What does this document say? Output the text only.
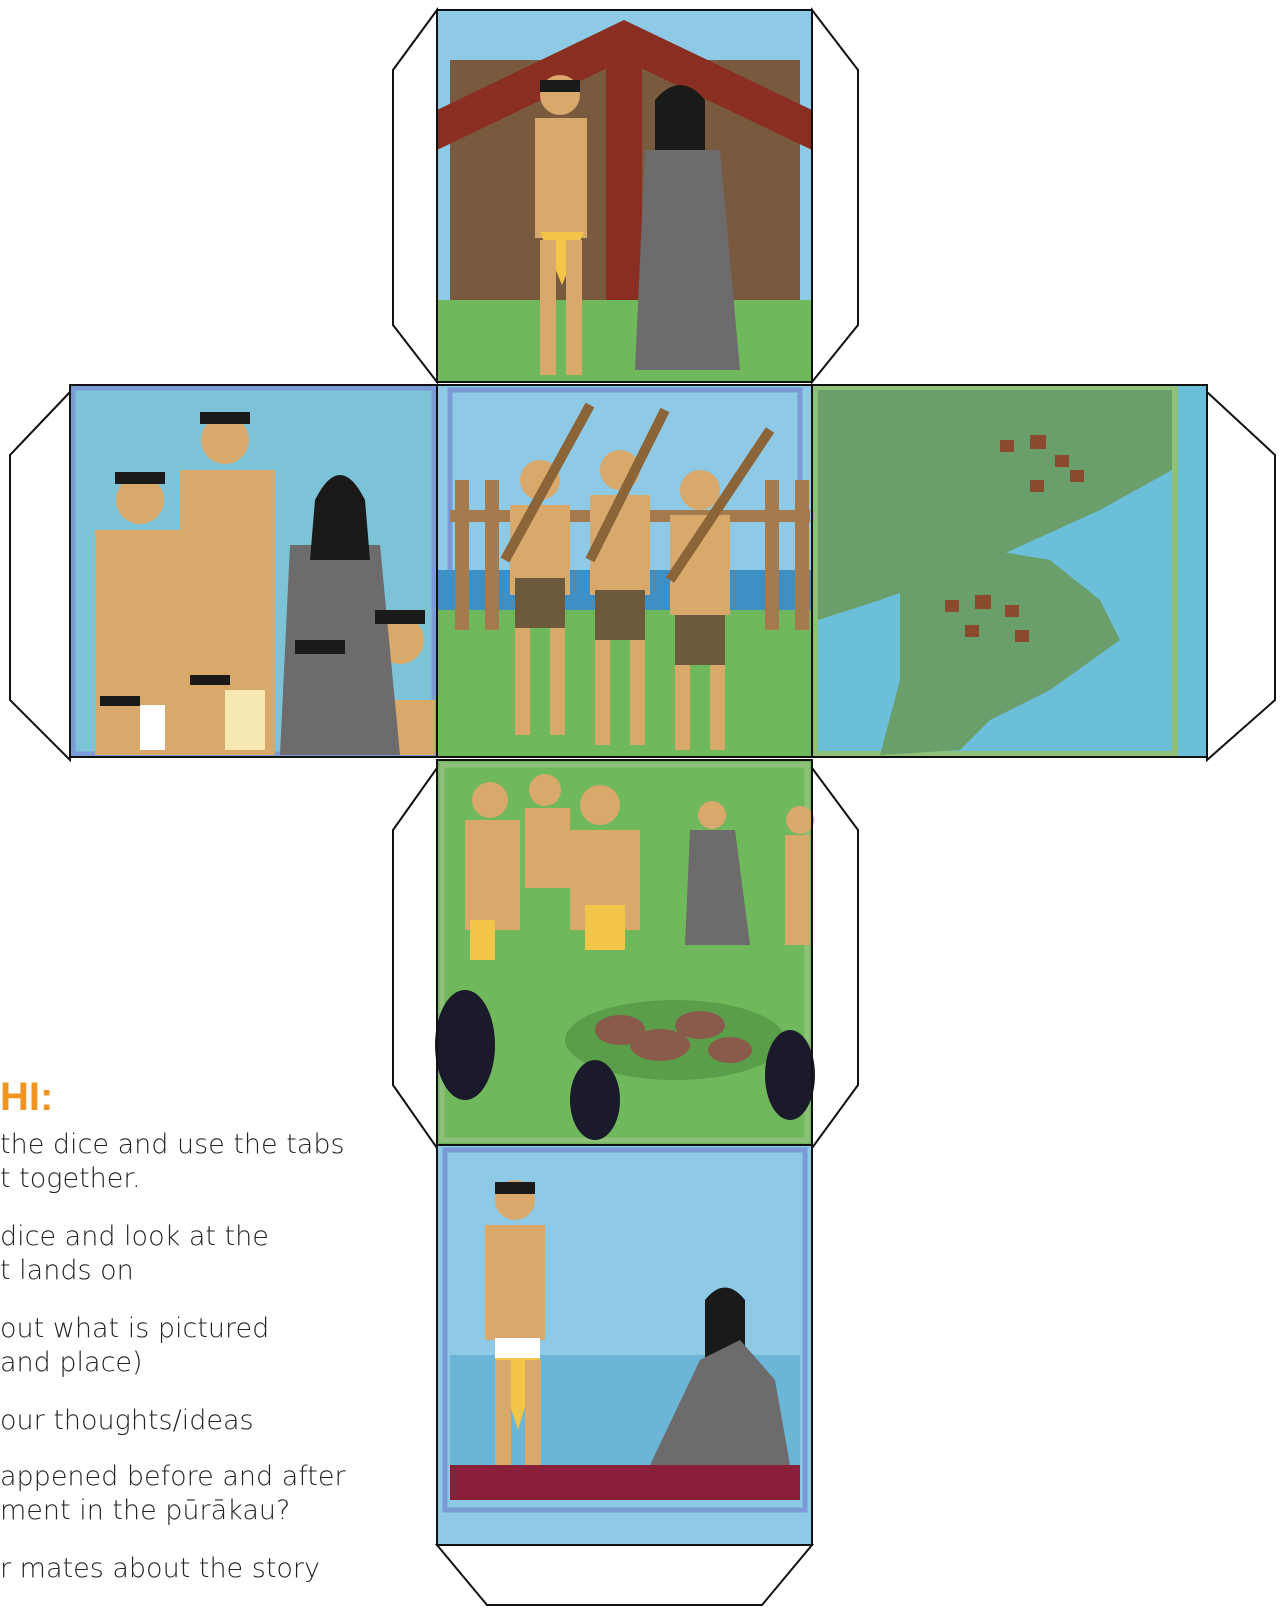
HI:
the dice and use the tabs
t together.
dice and look at the
t lands on
out what is pictured
and place)
our thoughts/ideas
appened before and after
ment in the pūrākau?
r mates about the story
